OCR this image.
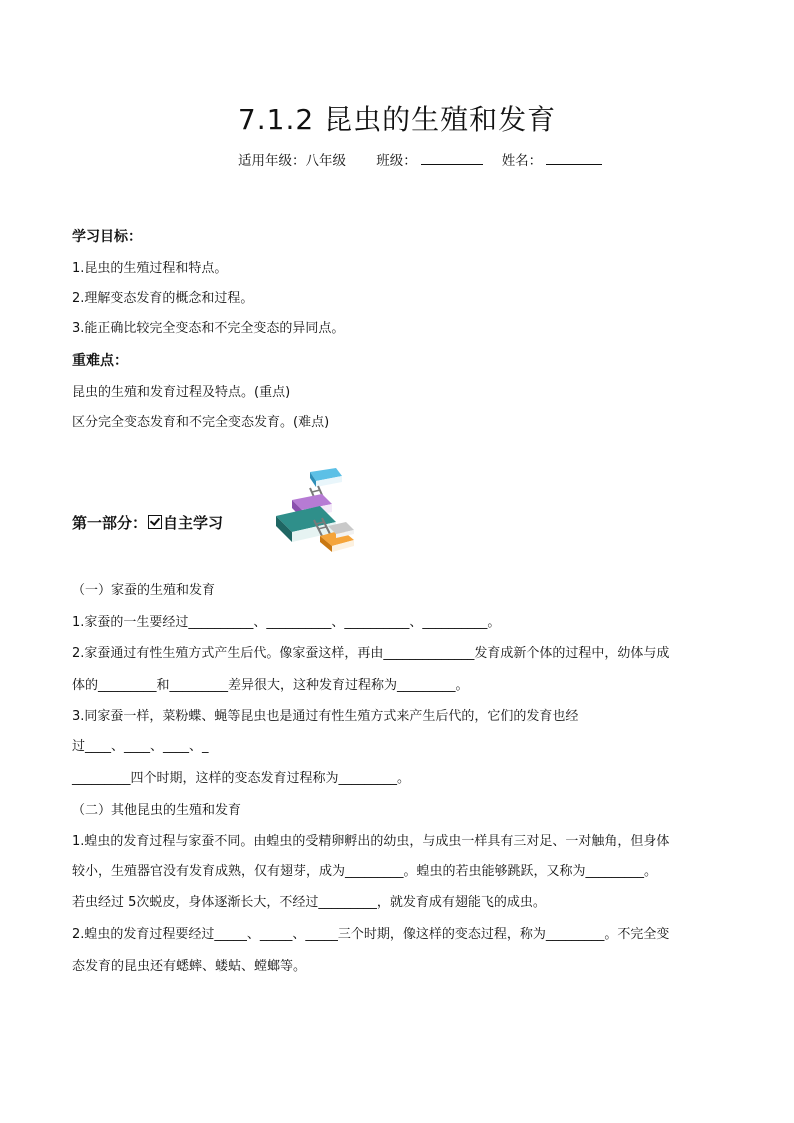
7.1.2 昆虫的生殖和发育
适用年级：八年级 班级：	姓名：
学习目标：
1.昆虫的生殖过程和特点。
2.理解变态发育的概念和过程。
3.能正确比较完全变态和不完全变态的异同点。
重难点：
昆虫的生殖和发育过程及特点。(重点)
区分完全变态发育和不完全变态发育。(难点)
第一部分： 自主学习
（一）家蚕的生殖和发育
1.家蚕的一生要经过__________、__________、__________、__________。
2.家蚕通过有性生殖方式产生后代。像家蚕这样，再由______________发育成新个体的过程中，幼体与成
体的_________和_________差异很大，这种发育过程称为_________。
3.同家蚕一样，菜粉蝶、蝇等昆虫也是通过有性生殖方式来产生后代的，它们的发育也经
过____、____、____、_
_________四个时期，这样的变态发育过程称为_________。
（二）其他昆虫的生殖和发育
1.蝗虫的发育过程与家蚕不同。由蝗虫的受精卵孵出的幼虫，与成虫一样具有三对足、一对触角，但身体
较小，生殖器官没有发育成熟，仅有翅芽，成为_________。蝗虫的若虫能够跳跃，又称为_________。
若虫经过 5次蜕皮，身体逐渐长大，不经过_________，就发育成有翅能飞的成虫。
2.蝗虫的发育过程要经过_____、_____、_____三个时期，像这样的变态过程，称为_________。不完全变
态发育的昆虫还有蟋蟀、蝼蛄、螳螂等。
